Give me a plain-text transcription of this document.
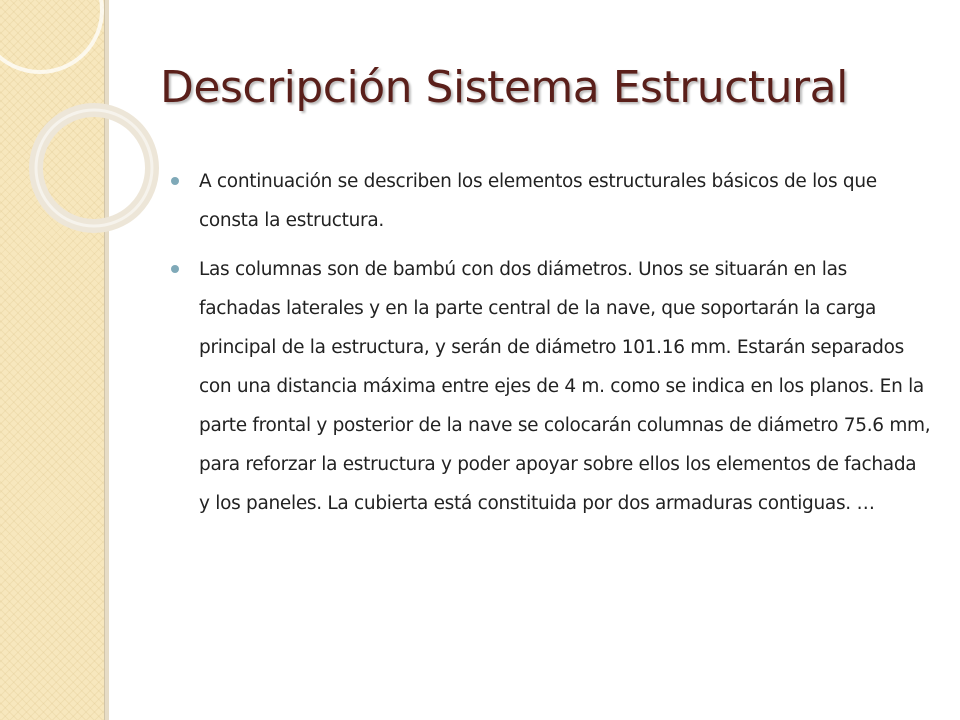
Descripción Sistema Estructural
A continuación se describen los elementos estructurales básicos de los que consta la estructura.
Las columnas son de bambú con dos diámetros. Unos se situarán en las fachadas laterales y en la parte central de la nave, que soportarán la carga principal de la estructura, y serán de diámetro 101.16 mm. Estarán separados con una distancia máxima entre ejes de 4 m. como se indica en los planos. En la parte frontal y posterior de la nave se colocarán columnas de diámetro 75.6 mm, para reforzar la estructura y poder apoyar sobre ellos los elementos de fachada y los paneles. La cubierta está constituida por dos armaduras contiguas. …
